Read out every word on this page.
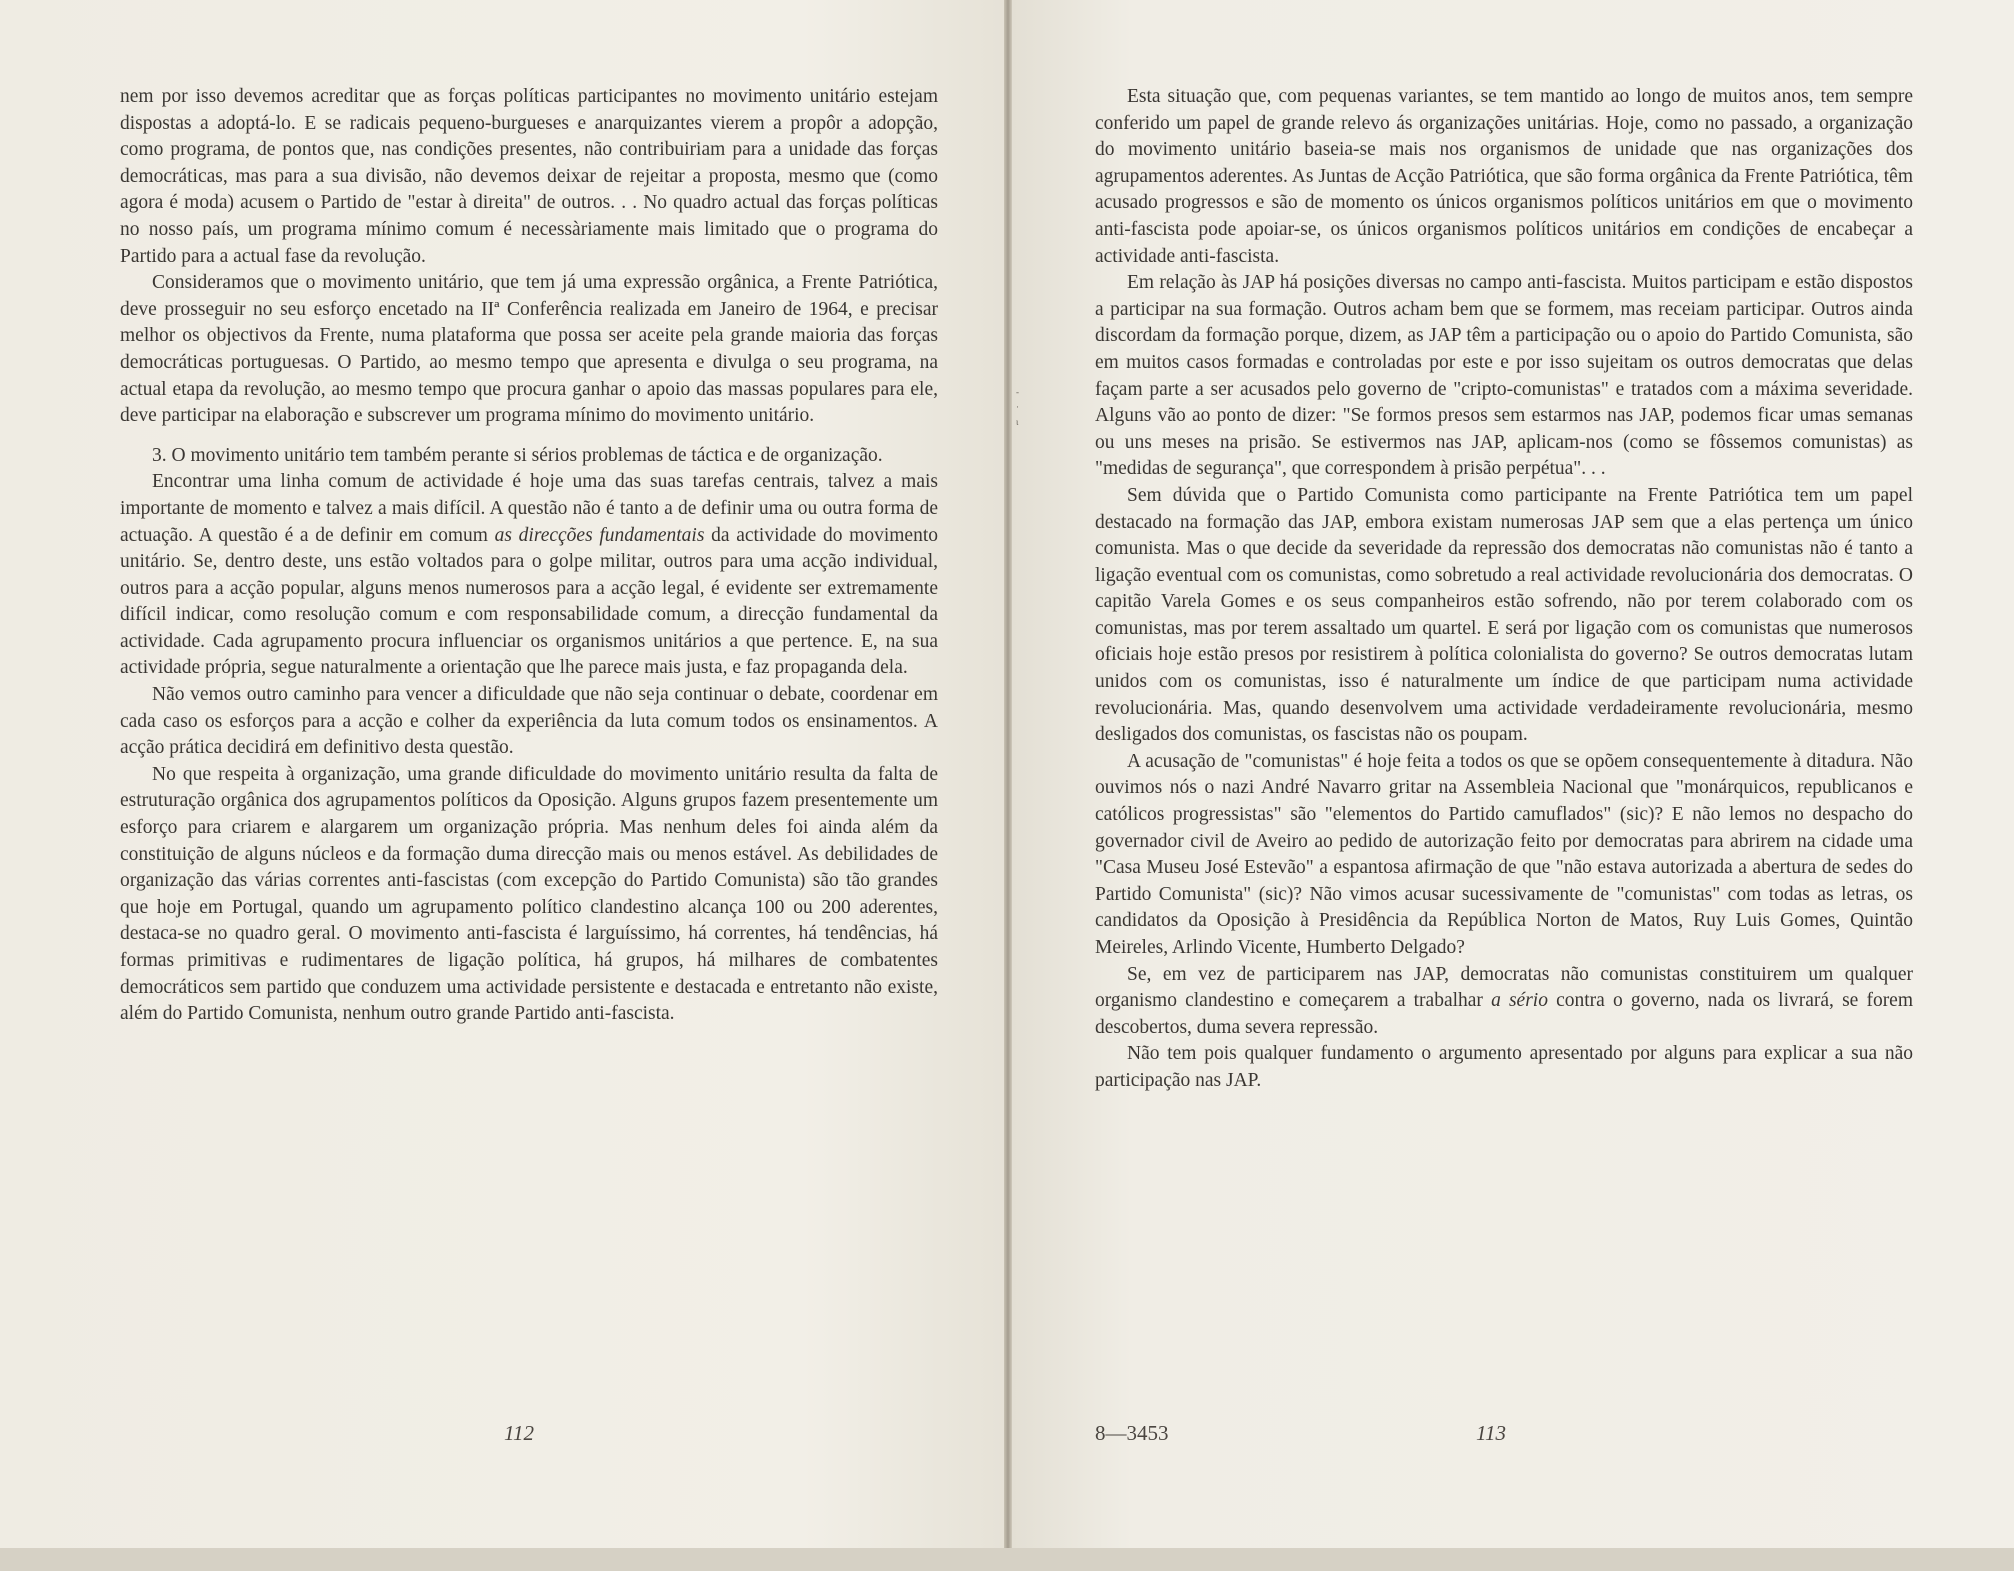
-
·
ι

nem por isso devemos acreditar que as forças políticas participantes no movimento unitário estejam dispostas a adoptá-lo. E se radicais pequeno-burgueses e anarquizantes vierem a propôr a adopção, como programa, de pontos que, nas condições presentes, não contribuiriam para a unidade das forças democráticas, mas para a sua divisão, não devemos deixar de rejeitar a proposta, mesmo que (como agora é moda) acusem o Partido de "estar à direita" de outros. . . No quadro actual das forças políticas no nosso país, um programa mínimo comum é necessàriamente mais limitado que o programa do Partido para a actual fase da revolução.

Consideramos que o movimento unitário, que tem já uma expressão orgânica, a Frente Patriótica, deve prosseguir no seu esforço encetado na IIª Conferência realizada em Janeiro de 1964, e precisar melhor os objectivos da Frente, numa plataforma que possa ser aceite pela grande maioria das forças democráticas portuguesas. O Partido, ao mesmo tempo que apresenta e divulga o seu programa, na actual etapa da revolução, ao mesmo tempo que procura ganhar o apoio das massas populares para ele, deve participar na elaboração e subscrever um programa mínimo do movimento unitário.

3. O movimento unitário tem também perante si sérios problemas de táctica e de organização.

Encontrar uma linha comum de actividade é hoje uma das suas tarefas centrais, talvez a mais importante de momento e talvez a mais difícil. A questão não é tanto a de definir uma ou outra forma de actuação. A questão é a de definir em comum as direcções fundamentais da actividade do movimento unitário. Se, dentro deste, uns estão voltados para o golpe militar, outros para uma acção individual, outros para a acção popular, alguns menos numerosos para a acção legal, é evidente ser extremamente difícil indicar, como resolução comum e com responsabilidade comum, a direcção fundamental da actividade. Cada agrupamento procura influenciar os organismos unitários a que pertence. E, na sua actividade própria, segue naturalmente a orientação que lhe parece mais justa, e faz propaganda dela.

Não vemos outro caminho para vencer a dificuldade que não seja continuar o debate, coordenar em cada caso os esforços para a acção e colher da experiência da luta comum todos os ensinamentos. A acção prática decidirá em definitivo desta questão.

No que respeita à organização, uma grande dificuldade do movimento unitário resulta da falta de estruturação orgânica dos agrupamentos políticos da Oposição. Alguns grupos fazem presentemente um esforço para criarem e alargarem um organização própria. Mas nenhum deles foi ainda além da constituição de alguns núcleos e da formação duma direcção mais ou menos estável. As debilidades de organização das várias correntes anti-fascistas (com excepção do Partido Comunista) são tão grandes que hoje em Portugal, quando um agrupamento político clandestino alcança 100 ou 200 aderentes, destaca-se no quadro geral. O movimento anti-fascista é larguíssimo, há correntes, há tendências, há formas primitivas e rudimentares de ligação política, há grupos, há milhares de combatentes democráticos sem partido que conduzem uma actividade persistente e destacada e entretanto não existe, além do Partido Comunista, nenhum outro grande Partido anti-fascista.

Esta situação que, com pequenas variantes, se tem mantido ao longo de muitos anos, tem sempre conferido um papel de grande relevo ás organizações unitárias. Hoje, como no passado, a organização do movimento unitário baseia-se mais nos organismos de unidade que nas organizações dos agrupamentos aderentes. As Juntas de Acção Patriótica, que são forma orgânica da Frente Patriótica, têm acusado progressos e são de momento os únicos organismos políticos unitários em que o movimento anti-fascista pode apoiar-se, os únicos organismos políticos unitários em condições de encabeçar a actividade anti-fascista.

Em relação às JAP há posições diversas no campo anti-fascista. Muitos participam e estão dispostos a participar na sua formação. Outros acham bem que se formem, mas receiam participar. Outros ainda discordam da formação porque, dizem, as JAP têm a participação ou o apoio do Partido Comunista, são em muitos casos formadas e controladas por este e por isso sujeitam os outros democratas que delas façam parte a ser acusados pelo governo de "cripto-comunistas" e tratados com a máxima severidade. Alguns vão ao ponto de dizer: "Se formos presos sem estarmos nas JAP, podemos ficar umas semanas ou uns meses na prisão. Se estivermos nas JAP, aplicam-nos (como se fôssemos comunistas) as "medidas de segurança", que correspondem à prisão perpétua". . .

Sem dúvida que o Partido Comunista como participante na Frente Patriótica tem um papel destacado na formação das JAP, embora existam numerosas JAP sem que a elas pertença um único comunista. Mas o que decide da severidade da repressão dos democratas não comunistas não é tanto a ligação eventual com os comunistas, como sobretudo a real actividade revolucionária dos democratas. O capitão Varela Gomes e os seus companheiros estão sofrendo, não por terem colaborado com os comunistas, mas por terem assaltado um quartel. E será por ligação com os comunistas que numerosos oficiais hoje estão presos por resistirem à política colonialista do governo? Se outros democratas lutam unidos com os comunistas, isso é naturalmente um índice de que participam numa actividade revolucionária. Mas, quando desenvolvem uma actividade verdadeiramente revolucionária, mesmo desligados dos comunistas, os fascistas não os poupam.

A acusação de "comunistas" é hoje feita a todos os que se opõem consequentemente à ditadura. Não ouvimos nós o nazi André Navarro gritar na Assembleia Nacional que "monárquicos, republicanos e católicos progressistas" são "elementos do Partido camuflados" (sic)? E não lemos no despacho do governador civil de Aveiro ao pedido de autorização feito por democratas para abrirem na cidade uma "Casa Museu José Estevão" a espantosa afirmação de que "não estava autorizada a abertura de sedes do Partido Comunista" (sic)? Não vimos acusar sucessivamente de "comunistas" com todas as letras, os candidatos da Oposição à Presidência da República Norton de Matos, Ruy Luis Gomes, Quintão Meireles, Arlindo Vicente, Humberto Delgado?

Se, em vez de participarem nas JAP, democratas não comunistas constituirem um qualquer organismo clandestino e começarem a trabalhar a sério contra o governo, nada os livrará, se forem descobertos, duma severa repressão.

Não tem pois qualquer fundamento o argumento apresentado por alguns para explicar a sua não participação nas JAP.

112	8—3453	113
